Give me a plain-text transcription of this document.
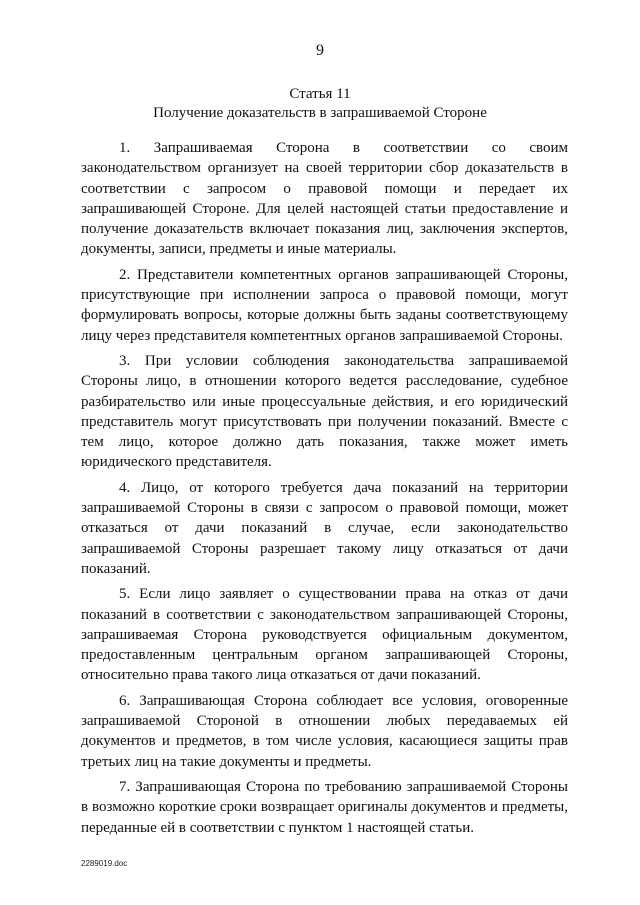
9
Статья 11
Получение доказательств в запрашиваемой Стороне

1. Запрашиваемая Сторона в соответствии со своим законодательством организует на своей территории сбор доказательств в соответствии с запросом о правовой помощи и передает их запрашивающей Стороне. Для целей настоящей статьи предоставление и получение доказательств включает показания лиц, заключения экспертов, документы, записи, предметы и иные материалы.

2. Представители компетентных органов запрашивающей Стороны, присутствующие при исполнении запроса о правовой помощи, могут формулировать вопросы, которые должны быть заданы соответствующему лицу через представителя компетентных органов запрашиваемой Стороны.

3. При условии соблюдения законодательства запрашиваемой Стороны лицо, в отношении которого ведется расследование, судебное разбирательство или иные процессуальные действия, и его юридический представитель могут присутствовать при получении показаний. Вместе с тем лицо, которое должно дать показания, также может иметь юридического представителя.

4. Лицо, от которого требуется дача показаний на территории запрашиваемой Стороны в связи с запросом о правовой помощи, может отказаться от дачи показаний в случае, если законодательство запрашиваемой Стороны разрешает такому лицу отказаться от дачи показаний.

5. Если лицо заявляет о существовании права на отказ от дачи показаний в соответствии с законодательством запрашивающей Стороны, запрашиваемая Сторона руководствуется официальным документом, предоставленным центральным органом запрашивающей Стороны, относительно права такого лица отказаться от дачи показаний.

6. Запрашивающая Сторона соблюдает все условия, оговоренные запрашиваемой Стороной в отношении любых передаваемых ей документов и предметов, в том числе условия, касающиеся защиты прав третьих лиц на такие документы и предметы.

7. Запрашивающая Сторона по требованию запрашиваемой Стороны в возможно короткие сроки возвращает оригиналы документов и предметы, переданные ей в соответствии с пунктом 1 настоящей статьи.

2289019.doc
